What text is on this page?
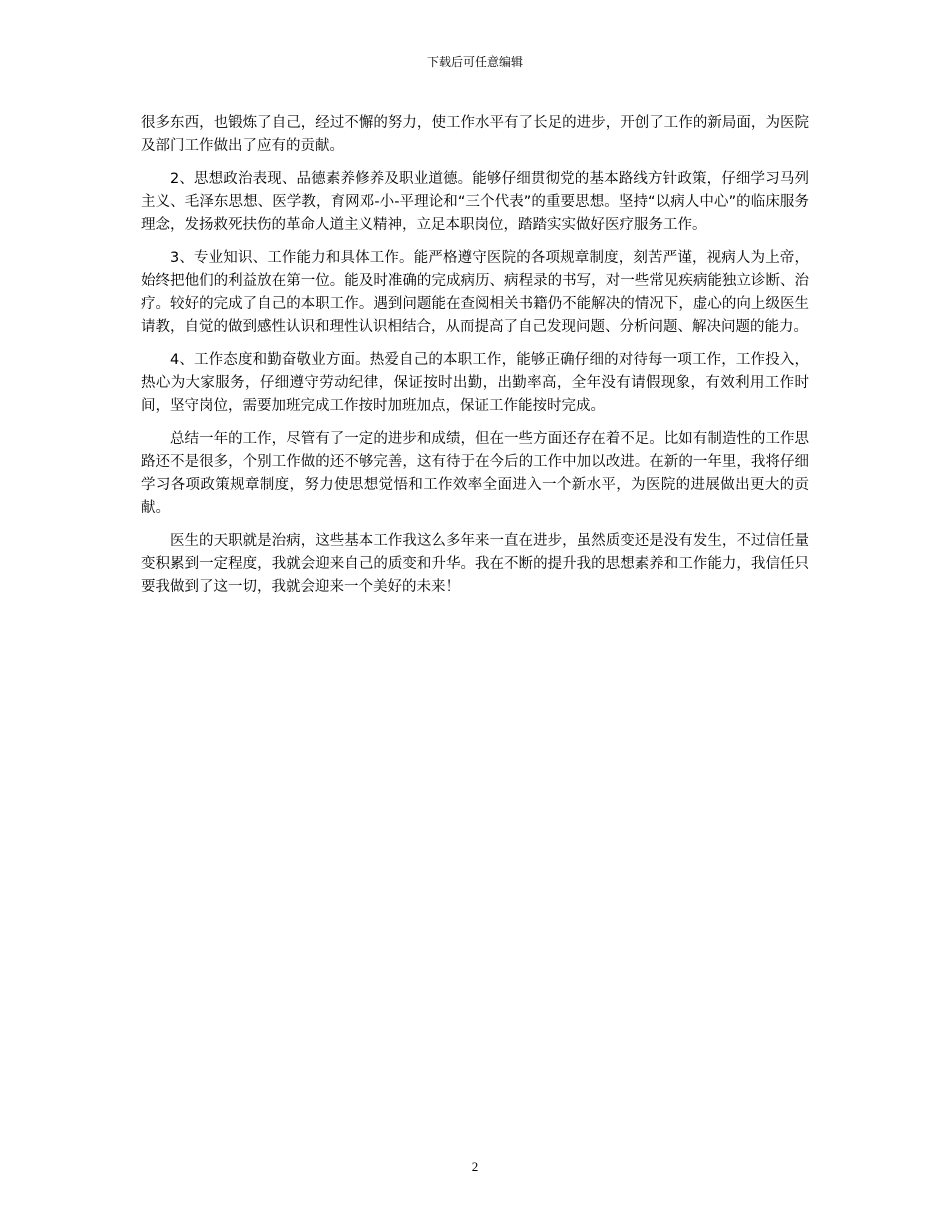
下载后可任意编辑

很多东西，也锻炼了自己，经过不懈的努力，使工作水平有了长足的进步，开创了工作的新局面，为医院及部门工作做出了应有的贡献。

2、思想政治表现、品德素养修养及职业道德。能够仔细贯彻党的基本路线方针政策，仔细学习马列主义、毛泽东思想、医学教，育网邓-小-平理论和“三个代表”的重要思想。坚持“以病人中心”的临床服务理念，发扬救死扶伤的革命人道主义精神，立足本职岗位，踏踏实实做好医疗服务工作。

3、专业知识、工作能力和具体工作。能严格遵守医院的各项规章制度，刻苦严谨，视病人为上帝，始终把他们的利益放在第一位。能及时准确的完成病历、病程录的书写，对一些常见疾病能独立诊断、治疗。较好的完成了自己的本职工作。遇到问题能在查阅相关书籍仍不能解决的情况下，虚心的向上级医生请教，自觉的做到感性认识和理性认识相结合，从而提高了自己发现问题、分析问题、解决问题的能力。

4、工作态度和勤奋敬业方面。热爱自己的本职工作，能够正确仔细的对待每一项工作，工作投入，热心为大家服务，仔细遵守劳动纪律，保证按时出勤，出勤率高，全年没有请假现象，有效利用工作时间，坚守岗位，需要加班完成工作按时加班加点，保证工作能按时完成。

总结一年的工作，尽管有了一定的进步和成绩，但在一些方面还存在着不足。比如有制造性的工作思路还不是很多，个别工作做的还不够完善，这有待于在今后的工作中加以改进。在新的一年里，我将仔细学习各项政策规章制度，努力使思想觉悟和工作效率全面进入一个新水平，为医院的进展做出更大的贡献。

医生的天职就是治病，这些基本工作我这么多年来一直在进步，虽然质变还是没有发生，不过信任量变积累到一定程度，我就会迎来自己的质变和升华。我在不断的提升我的思想素养和工作能力，我信任只要我做到了这一切，我就会迎来一个美好的未来！

2
